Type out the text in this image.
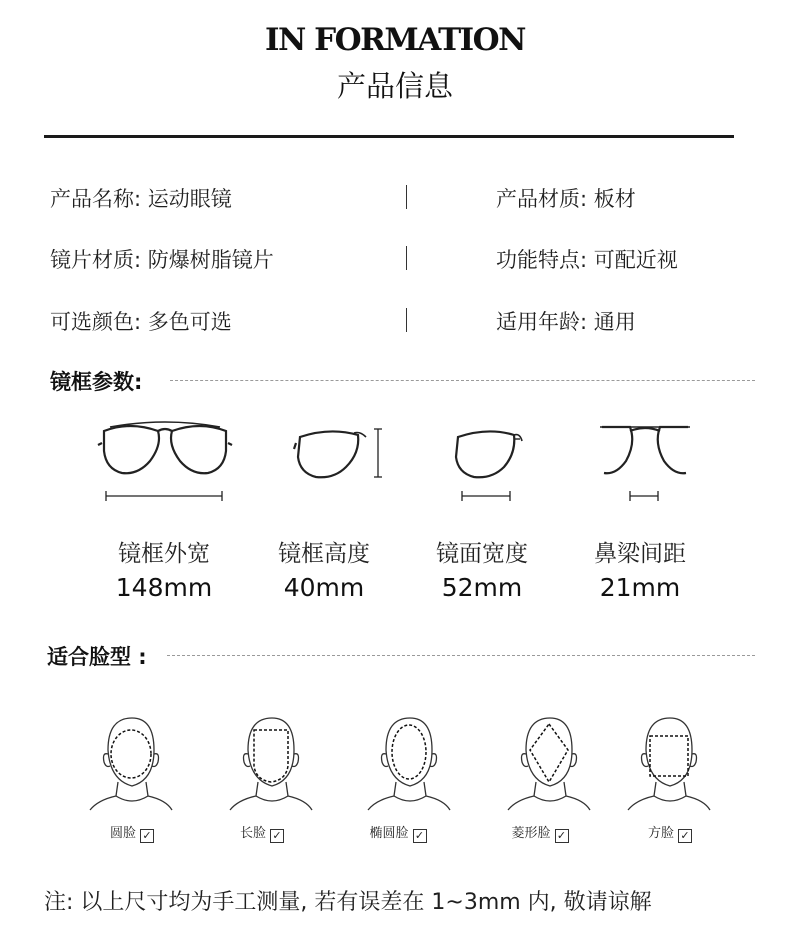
IN FORMATION
产品信息
产品名称: 运动眼镜	产品材质: 板材
镜片材质: 防爆树脂镜片	功能特点: 可配近视
可选颜色: 多色可选	适用年龄: 通用
镜框参数:
镜框外宽
148mm
镜框高度
40mm
镜面宽度
52mm
鼻梁间距
21mm
适合脸型 :
圆脸 ✓	长脸 ✓	椭圆脸 ✓	菱形脸 ✓	方脸 ✓
注: 以上尺寸均为手工测量, 若有误差在 1~3mm 内, 敬请谅解
